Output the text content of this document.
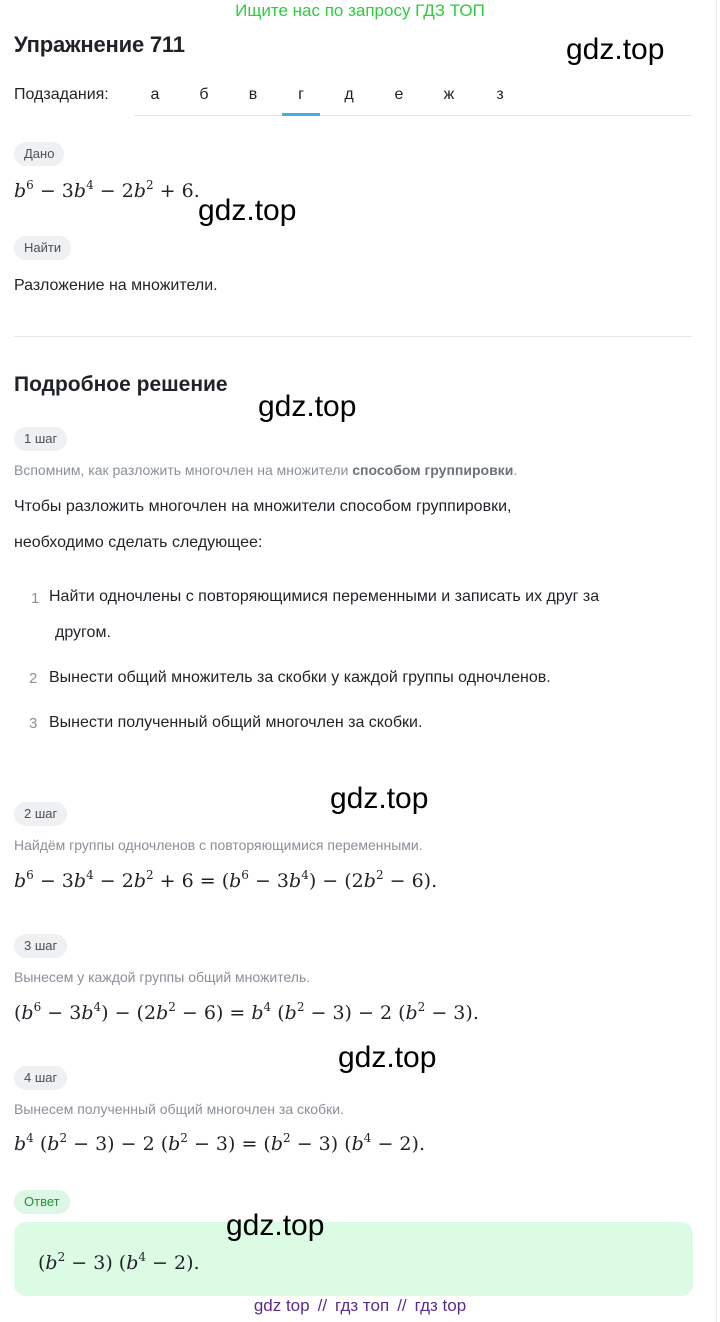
Ищите нас по запросу ГДЗ ТОП
Упражнение 711	gdz.top
Подзадания:	а	б	в	г	д	е	ж	з
Дано
$b^6 - 3b^4 - 2b^2 + 6$.
gdz.top
Найти
Разложение на множители.
Подробное решение
gdz.top
1 шаг
Вспомним, как разложить многочлен на множители способом группировки.
Чтобы разложить многочлен на множители способом группировки,
необходимо сделать следующее:
1 Найти одночлены с повторяющимися переменными и записать их друг за
другом.
2 Вынести общий множитель за скобки у каждой группы одночленов.
3 Вынести полученный общий многочлен за скобки.
gdz.top
2 шаг
Найдём группы одночленов с повторяющимися переменными.
$b^6 - 3b^4 - 2b^2 + 6 = (b^6 - 3b^4) - (2b^2 - 6)$.
3 шаг
Вынесем у каждой группы общий множитель.
$(b^6 - 3b^4) - (2b^2 - 6) = b^4$ $(b^2 - 3) - 2$ $(b^2 - 3)$.
gdz.top
4 шаг
Вынесем полученный общий многочлен за скобки.
$b^4$ $(b^2 - 3) - 2$ $(b^2 - 3) = (b^2 - 3) (b^4 - 2)$.
Ответ
$(b^2 - 3) (b^4 - 2)$.
gdz.top
gdz top // гдз топ // гдз top
